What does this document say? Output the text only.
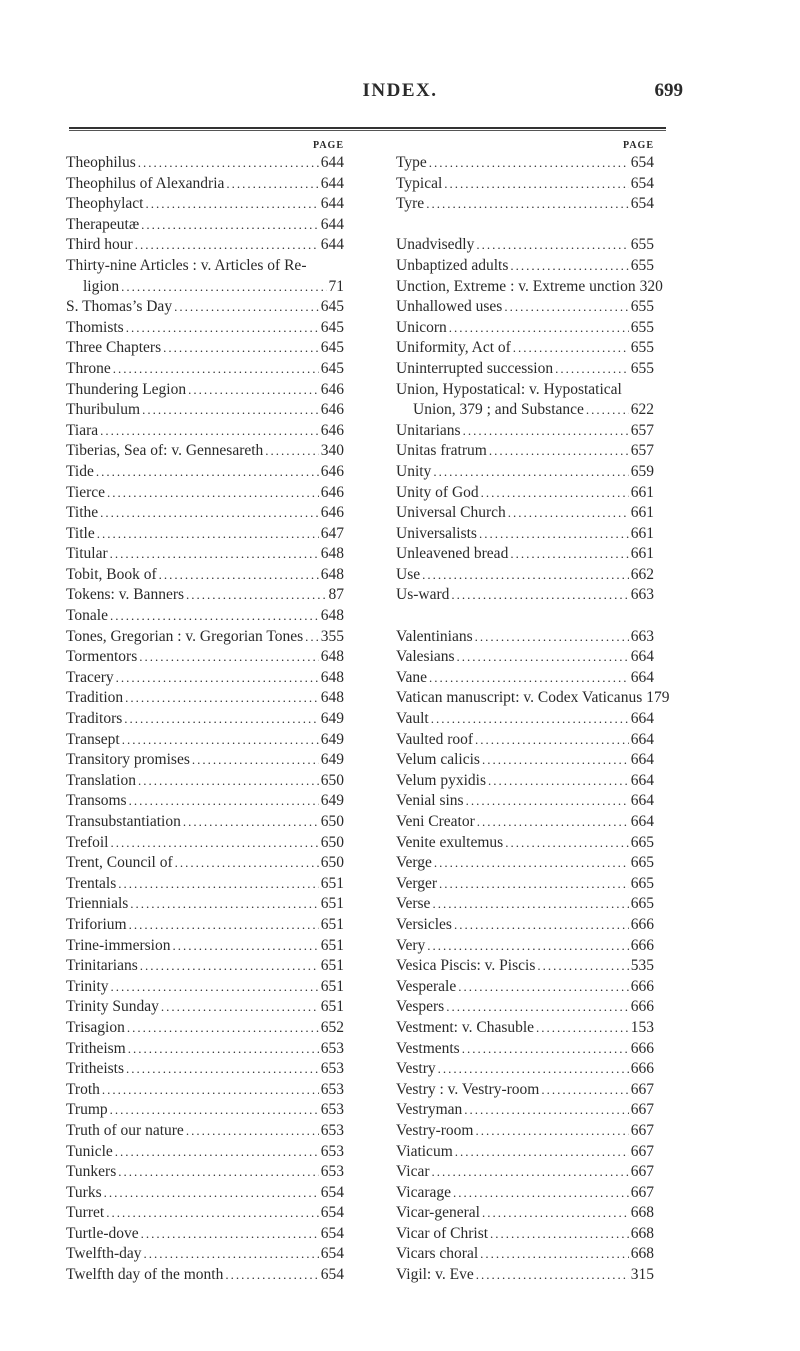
INDEX.	699
PAGE
Theophilus .....	644
Theophilus of Alexandria .....	644
Theophylact .....	644
Therapeutæ .....	644
Third hour .....	644
Thirty-nine Articles : v. Articles of Re-
ligion .....	71
S. Thomas’s Day .....	645
Thomists .....	645
Three Chapters .....	645
Throne .....	645
Thundering Legion .....	646
Thuribulum .....	646
Tiara .....	646
Tiberias, Sea of: v. Gennesareth .....	340
Tide .....	646
Tierce .....	646
Tithe .....	646
Title .....	647
Titular .....	648
Tobit, Book of .....	648
Tokens: v. Banners .....	87
Tonale .....	648
Tones, Gregorian : v. Gregorian Tones ..... 355
Tormentors .....	648
Tracery .....	648
Tradition .....	648
Traditors .....	649
Transept .....	649
Transitory promises .....	649
Translation .....	650
Transoms .....	649
Transubstantiation .....	650
Trefoil .....	650
Trent, Council of .....	650
Trentals .....	651
Triennials .....	651
Triforium .....	651
Trine-immersion .....	651
Trinitarians .....	651
Trinity .....	651
Trinity Sunday .....	651
Trisagion .....	652
Tritheism .....	653
Tritheists .....	653
Troth .....	653
Trump .....	653
Truth of our nature .....	653
Tunicle .....	653
Tunkers .....	653
Turks .....	654
Turret .....	654
Turtle-dove .....	654
Twelfth-day .....	654
Twelfth day of the month .....	654
PAGE
Type .....	654
Typical .....	654
Tyre .....	654
Unadvisedly .....	655
Unbaptized adults .....	655
Unction, Extreme : v. Extreme unction 320
Unhallowed uses .....	655
Unicorn .....	655
Uniformity, Act of .....	655
Uninterrupted succession .....	655
Union, Hypostatical: v. Hypostatical
Union, 379 ; and Substance .....	622
Unitarians .....	657
Unitas fratrum .....	657
Unity .....	659
Unity of God .....	661
Universal Church .....	661
Universalists .....	661
Unleavened bread .....	661
Use .....	662
Us-ward .....	663
Valentinians .....	663
Valesians .....	664
Vane .....	664
Vatican manuscript: v. Codex Vaticanus 179
Vault .....	664
Vaulted roof .....	664
Velum calicis .....	664
Velum pyxidis .....	664
Venial sins .....	664
Veni Creator .....	664
Venite exultemus .....	665
Verge .....	665
Verger .....	665
Verse .....	665
Versicles .....	666
Very .....	666
Vesica Piscis: v. Piscis .....	535
Vesperale .....	666
Vespers .....	666
Vestment: v. Chasuble .....	153
Vestments .....	666
Vestry .....	666
Vestry : v. Vestry-room .....	667
Vestryman .....	667
Vestry-room .....	667
Viaticum .....	667
Vicar .....	667
Vicarage .....	667
Vicar-general .....	668
Vicar of Christ .....	668
Vicars choral .....	668
Vigil: v. Eve .....	315
